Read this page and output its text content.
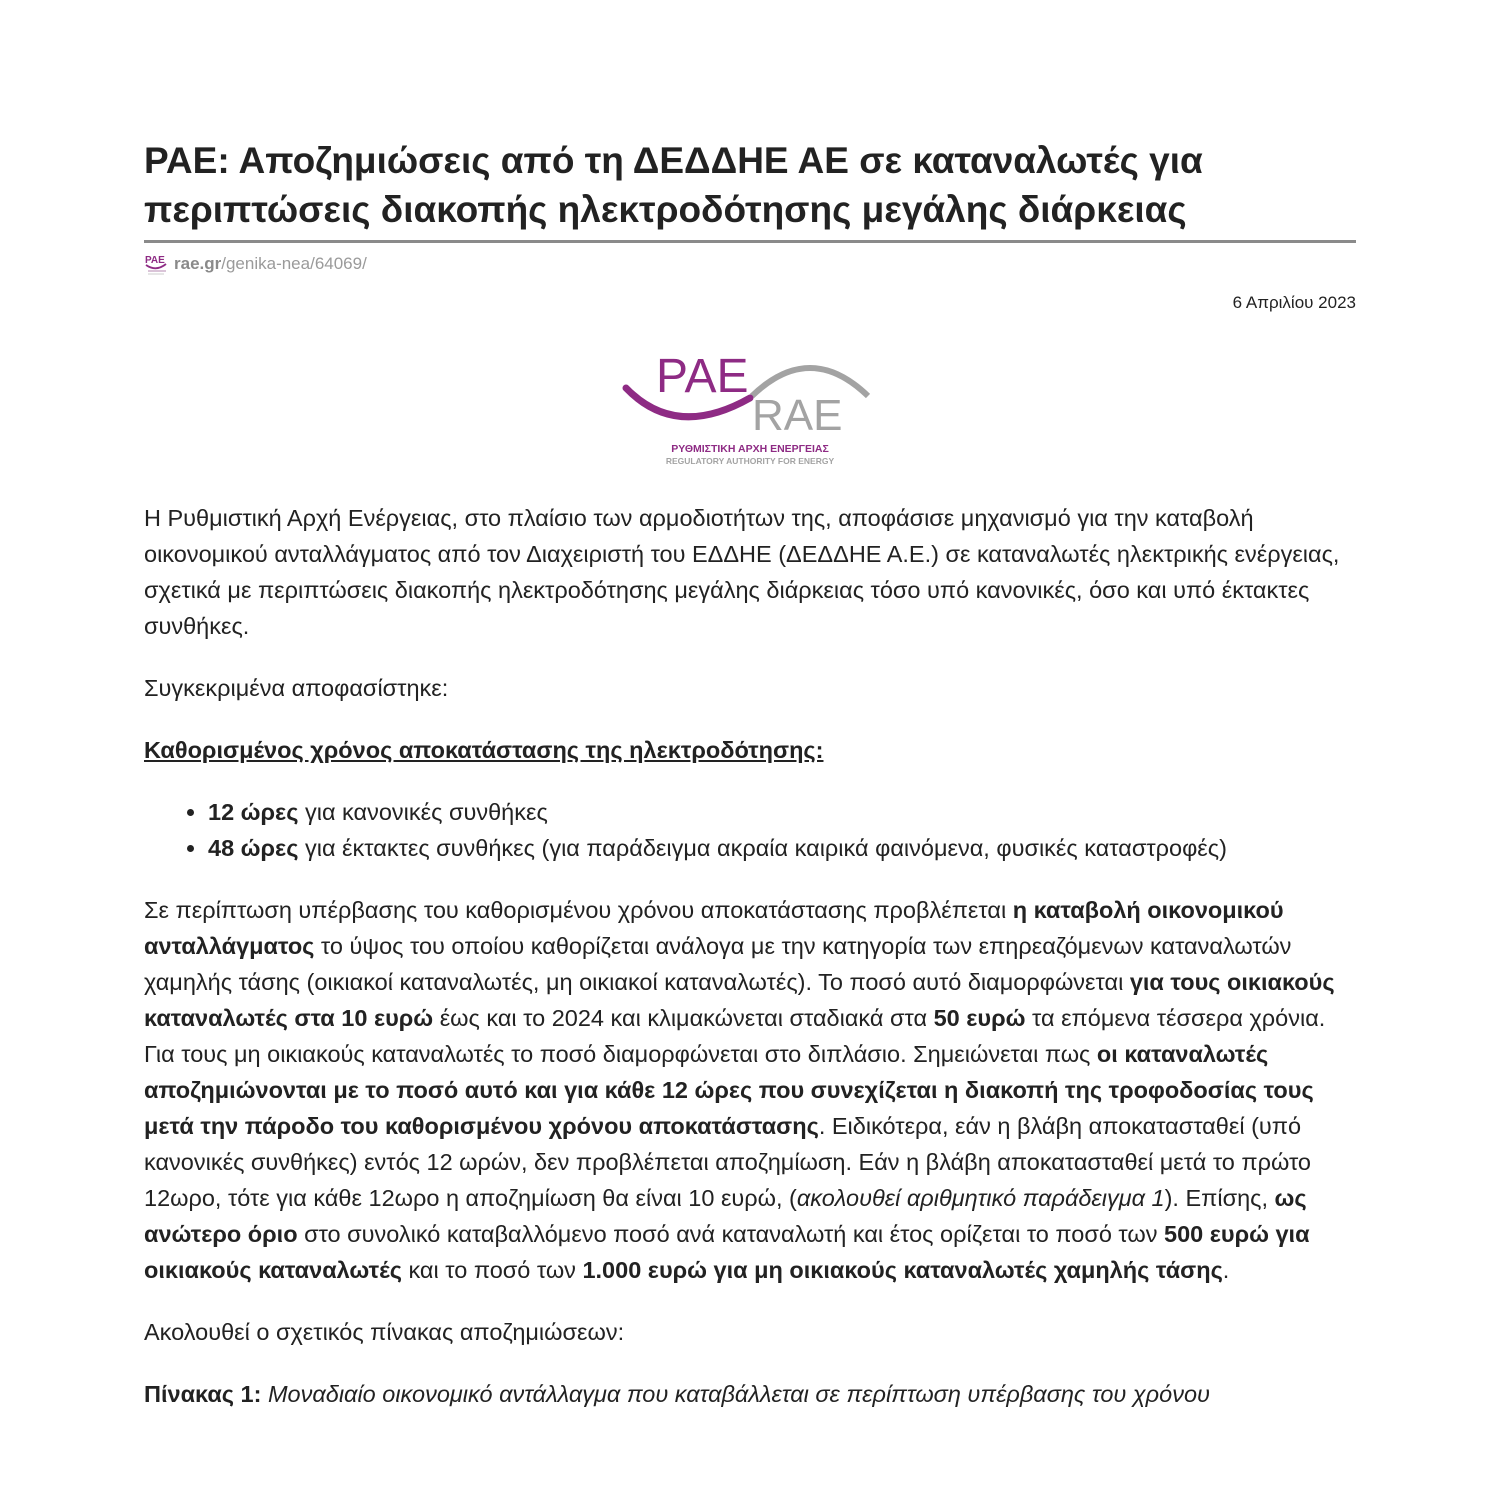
ΡΑΕ: Αποζημιώσεις από τη ΔΕΔΔΗΕ ΑΕ σε καταναλωτές για περιπτώσεις διακοπής ηλεκτροδότησης μεγάλης διάρκειας
PAE rae.gr /genika-nea/64069/
6 Απριλίου 2023
PAE
RAE
ΡΥΘΜΙΣΤΙΚΗ ΑΡΧΗ ΕΝΕΡΓΕΙΑΣ
REGULATORY AUTHORITY FOR ENERGY

Η Ρυθμιστική Αρχή Ενέργειας, στο πλαίσιο των αρμοδιοτήτων της, αποφάσισε μηχανισμό για την καταβολή οικονομικού ανταλλάγματος από τον Διαχειριστή του ΕΔΔΗΕ (ΔΕΔΔΗΕ Α.Ε.) σε καταναλωτές ηλεκτρικής ενέργειας, σχετικά με περιπτώσεις διακοπής ηλεκτροδότησης μεγάλης διάρκειας τόσο υπό κανονικές, όσο και υπό έκτακτες συνθήκες.

Συγκεκριμένα αποφασίστηκε:

Καθορισμένος χρόνος αποκατάστασης της ηλεκτροδότησης:

• 12 ώρες για κανονικές συνθήκες
• 48 ώρες για έκτακτες συνθήκες (για παράδειγμα ακραία καιρικά φαινόμενα, φυσικές καταστροφές)

Σε περίπτωση υπέρβασης του καθορισμένου χρόνου αποκατάστασης προβλέπεται η καταβολή οικονομικού ανταλλάγματος το ύψος του οποίου καθορίζεται ανάλογα με την κατηγορία των επηρεαζόμενων καταναλωτών χαμηλής τάσης (οικιακοί καταναλωτές, μη οικιακοί καταναλωτές). Το ποσό αυτό διαμορφώνεται για τους οικιακούς καταναλωτές στα 10 ευρώ έως και το 2024 και κλιμακώνεται σταδιακά στα 50 ευρώ τα επόμενα τέσσερα χρόνια. Για τους μη οικιακούς καταναλωτές το ποσό διαμορφώνεται στο διπλάσιο. Σημειώνεται πως οι καταναλωτές αποζημιώνονται με το ποσό αυτό και για κάθε 12 ώρες που συνεχίζεται η διακοπή της τροφοδοσίας τους μετά την πάροδο του καθορισμένου χρόνου αποκατάστασης. Ειδικότερα, εάν η βλάβη αποκατασταθεί (υπό κανονικές συνθήκες) εντός 12 ωρών, δεν προβλέπεται αποζημίωση. Εάν η βλάβη αποκατασταθεί μετά το πρώτο 12ωρο, τότε για κάθε 12ωρο η αποζημίωση θα είναι 10 ευρώ, (ακολουθεί αριθμητικό παράδειγμα 1). Επίσης, ως ανώτερο όριο στο συνολικό καταβαλλόμενο ποσό ανά καταναλωτή και έτος ορίζεται το ποσό των 500 ευρώ για οικιακούς καταναλωτές και το ποσό των 1.000 ευρώ για μη οικιακούς καταναλωτές χαμηλής τάσης.

Ακολουθεί ο σχετικός πίνακας αποζημιώσεων:

Πίνακας 1: Μοναδιαίο οικονομικό αντάλλαγμα που καταβάλλεται σε περίπτωση υπέρβασης του χρόνου
